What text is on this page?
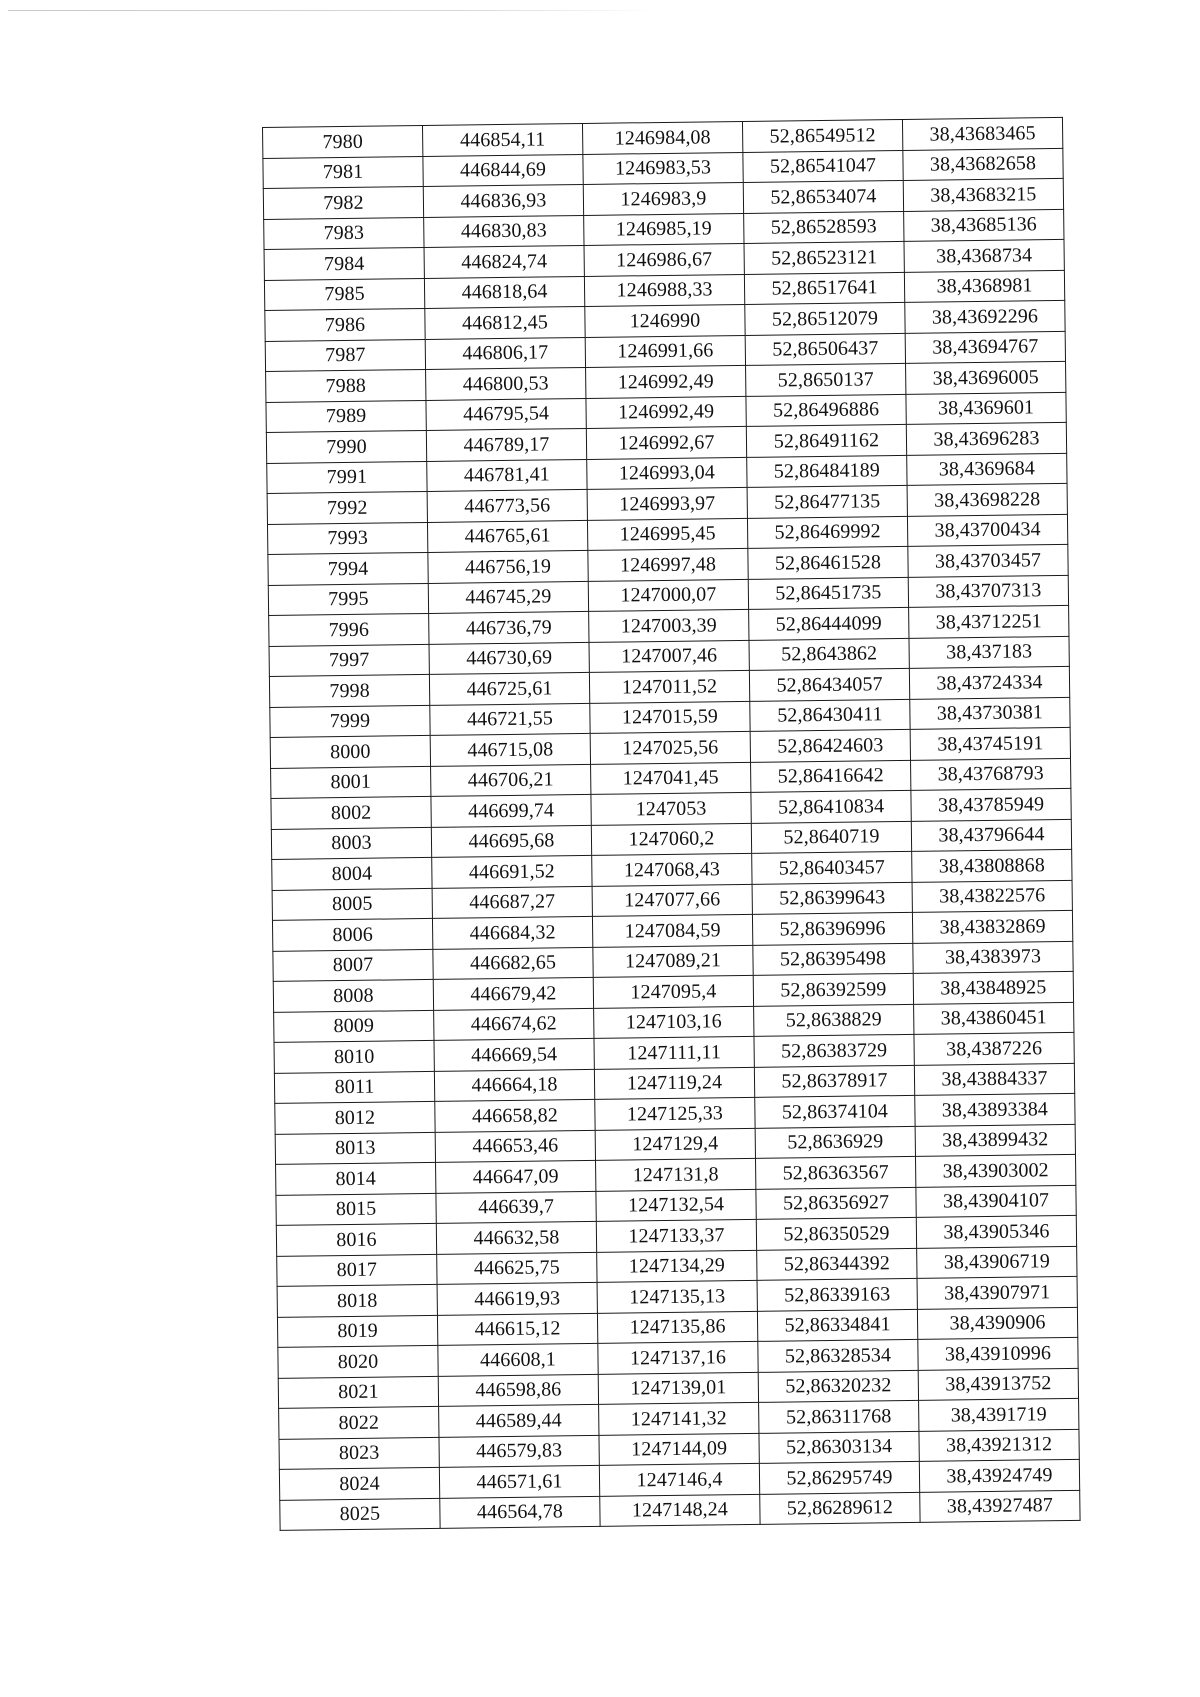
7980	446854,11	1246984,08	52,86549512	38,43683465
7981	446844,69	1246983,53	52,86541047	38,43682658
7982	446836,93	1246983,9	52,86534074	38,43683215
7983	446830,83	1246985,19	52,86528593	38,43685136
7984	446824,74	1246986,67	52,86523121	38,4368734
7985	446818,64	1246988,33	52,86517641	38,4368981
7986	446812,45	1246990	52,86512079	38,43692296
7987	446806,17	1246991,66	52,86506437	38,43694767
7988	446800,53	1246992,49	52,8650137	38,43696005
7989	446795,54	1246992,49	52,86496886	38,4369601
7990	446789,17	1246992,67	52,86491162	38,43696283
7991	446781,41	1246993,04	52,86484189	38,4369684
7992	446773,56	1246993,97	52,86477135	38,43698228
7993	446765,61	1246995,45	52,86469992	38,43700434
7994	446756,19	1246997,48	52,86461528	38,43703457
7995	446745,29	1247000,07	52,86451735	38,43707313
7996	446736,79	1247003,39	52,86444099	38,43712251
7997	446730,69	1247007,46	52,8643862	38,437183
7998	446725,61	1247011,52	52,86434057	38,43724334
7999	446721,55	1247015,59	52,86430411	38,43730381
8000	446715,08	1247025,56	52,86424603	38,43745191
8001	446706,21	1247041,45	52,86416642	38,43768793
8002	446699,74	1247053	52,86410834	38,43785949
8003	446695,68	1247060,2	52,8640719	38,43796644
8004	446691,52	1247068,43	52,86403457	38,43808868
8005	446687,27	1247077,66	52,86399643	38,43822576
8006	446684,32	1247084,59	52,86396996	38,43832869
8007	446682,65	1247089,21	52,86395498	38,4383973
8008	446679,42	1247095,4	52,86392599	38,43848925
8009	446674,62	1247103,16	52,8638829	38,43860451
8010	446669,54	1247111,11	52,86383729	38,4387226
8011	446664,18	1247119,24	52,86378917	38,43884337
8012	446658,82	1247125,33	52,86374104	38,43893384
8013	446653,46	1247129,4	52,8636929	38,43899432
8014	446647,09	1247131,8	52,86363567	38,43903002
8015	446639,7	1247132,54	52,86356927	38,43904107
8016	446632,58	1247133,37	52,86350529	38,43905346
8017	446625,75	1247134,29	52,86344392	38,43906719
8018	446619,93	1247135,13	52,86339163	38,43907971
8019	446615,12	1247135,86	52,86334841	38,4390906
8020	446608,1	1247137,16	52,86328534	38,43910996
8021	446598,86	1247139,01	52,86320232	38,43913752
8022	446589,44	1247141,32	52,86311768	38,4391719
8023	446579,83	1247144,09	52,86303134	38,43921312
8024	446571,61	1247146,4	52,86295749	38,43924749
8025	446564,78	1247148,24	52,86289612	38,43927487
